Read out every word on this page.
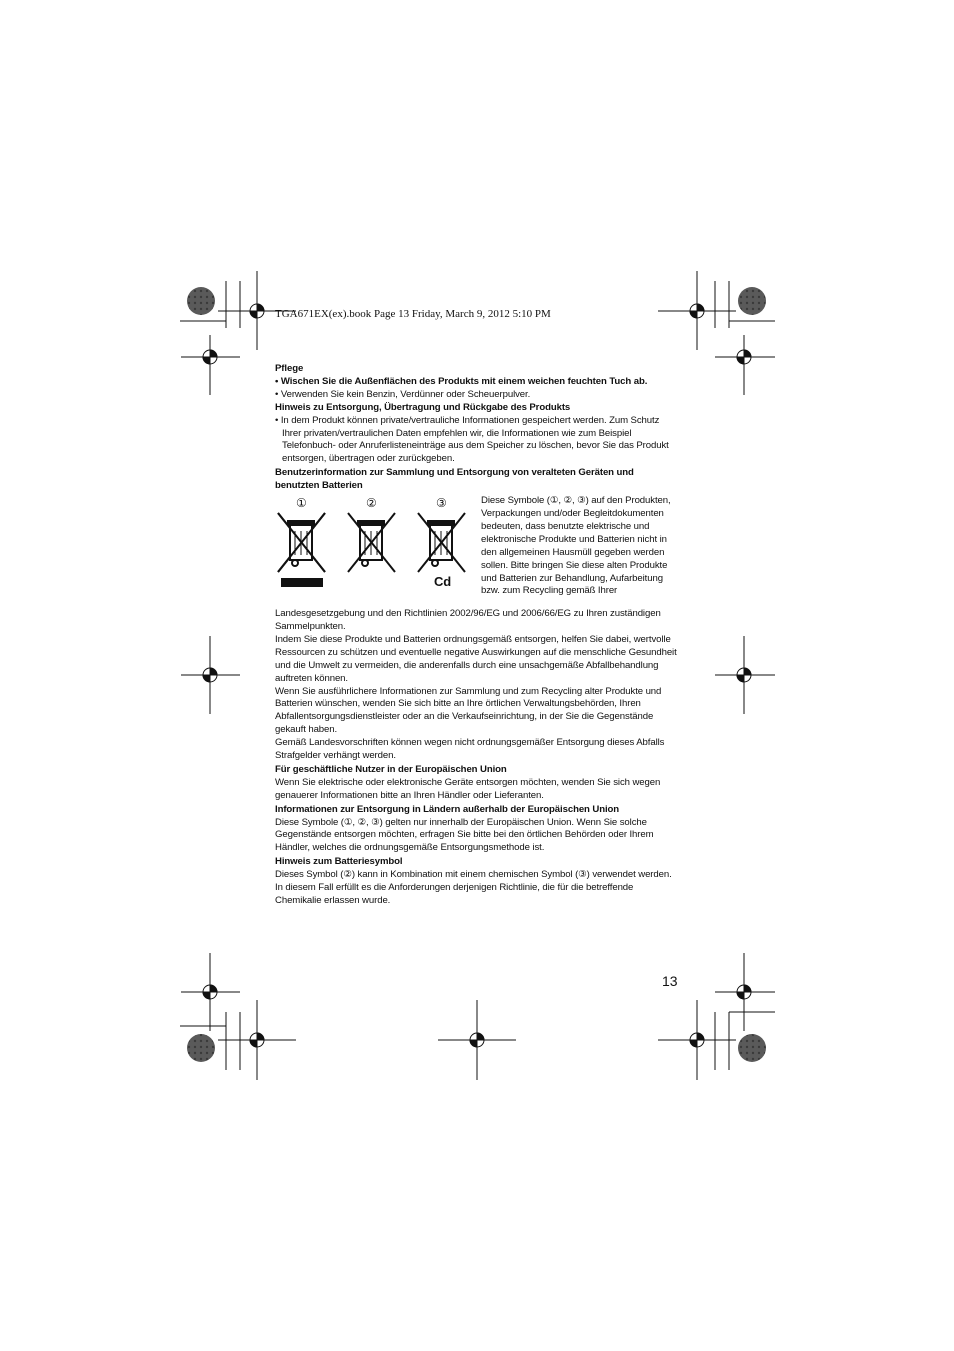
TGA671EX(ex).book Page 13 Friday, March 9, 2012 5:10 PM

Pflege

• Wischen Sie die Außenflächen des Produkts mit einem weichen feuchten Tuch ab.

• Verwenden Sie kein Benzin, Verdünner oder Scheuerpulver.

Hinweis zu Entsorgung, Übertragung und Rückgabe des Produkts

• In dem Produkt können private/vertrauliche Informationen gespeichert werden. Zum Schutz Ihrer privaten/vertraulichen Daten empfehlen wir, die Informationen wie zum Beispiel Telefonbuch- oder Anruferlisteneinträge aus dem Speicher zu löschen, bevor Sie das Produkt entsorgen, übertragen oder zurückgeben.

Benutzerinformation zur Sammlung und Entsorgung von veralteten Geräten und benutzten Batterien

①	②	③
Cd

Diese Symbole (①, ②, ③) auf den Produkten, Verpackungen und/oder Begleitdokumenten bedeuten, dass benutzte elektrische und elektronische Produkte und Batterien nicht in den allgemeinen Hausmüll gegeben werden sollen. Bitte bringen Sie diese alten Produkte und Batterien zur Behandlung, Aufarbeitung bzw. zum Recycling gemäß Ihrer

Landesgesetzgebung und den Richtlinien 2002/96/EG und 2006/66/EG zu Ihren zuständigen Sammelpunkten.

Indem Sie diese Produkte und Batterien ordnungsgemäß entsorgen, helfen Sie dabei, wertvolle Ressourcen zu schützen und eventuelle negative Auswirkungen auf die menschliche Gesundheit und die Umwelt zu vermeiden, die anderenfalls durch eine unsachgemäße Abfallbehandlung auftreten können.

Wenn Sie ausführlichere Informationen zur Sammlung und zum Recycling alter Produkte und Batterien wünschen, wenden Sie sich bitte an Ihre örtlichen Verwaltungsbehörden, Ihren Abfallentsorgungsdienstleister oder an die Verkaufseinrichtung, in der Sie die Gegenstände gekauft haben.

Gemäß Landesvorschriften können wegen nicht ordnungsgemäßer Entsorgung dieses Abfalls Strafgelder verhängt werden.

Für geschäftliche Nutzer in der Europäischen Union

Wenn Sie elektrische oder elektronische Geräte entsorgen möchten, wenden Sie sich wegen genauerer Informationen bitte an Ihren Händler oder Lieferanten.

Informationen zur Entsorgung in Ländern außerhalb der Europäischen Union

Diese Symbole (①, ②, ③) gelten nur innerhalb der Europäischen Union. Wenn Sie solche Gegenstände entsorgen möchten, erfragen Sie bitte bei den örtlichen Behörden oder Ihrem Händler, welches die ordnungsgemäße Entsorgungsmethode ist.

Hinweis zum Batteriesymbol

Dieses Symbol (②) kann in Kombination mit einem chemischen Symbol (③) verwendet werden. In diesem Fall erfüllt es die Anforderungen derjenigen Richtlinie, die für die betreffende Chemikalie erlassen wurde.

13
